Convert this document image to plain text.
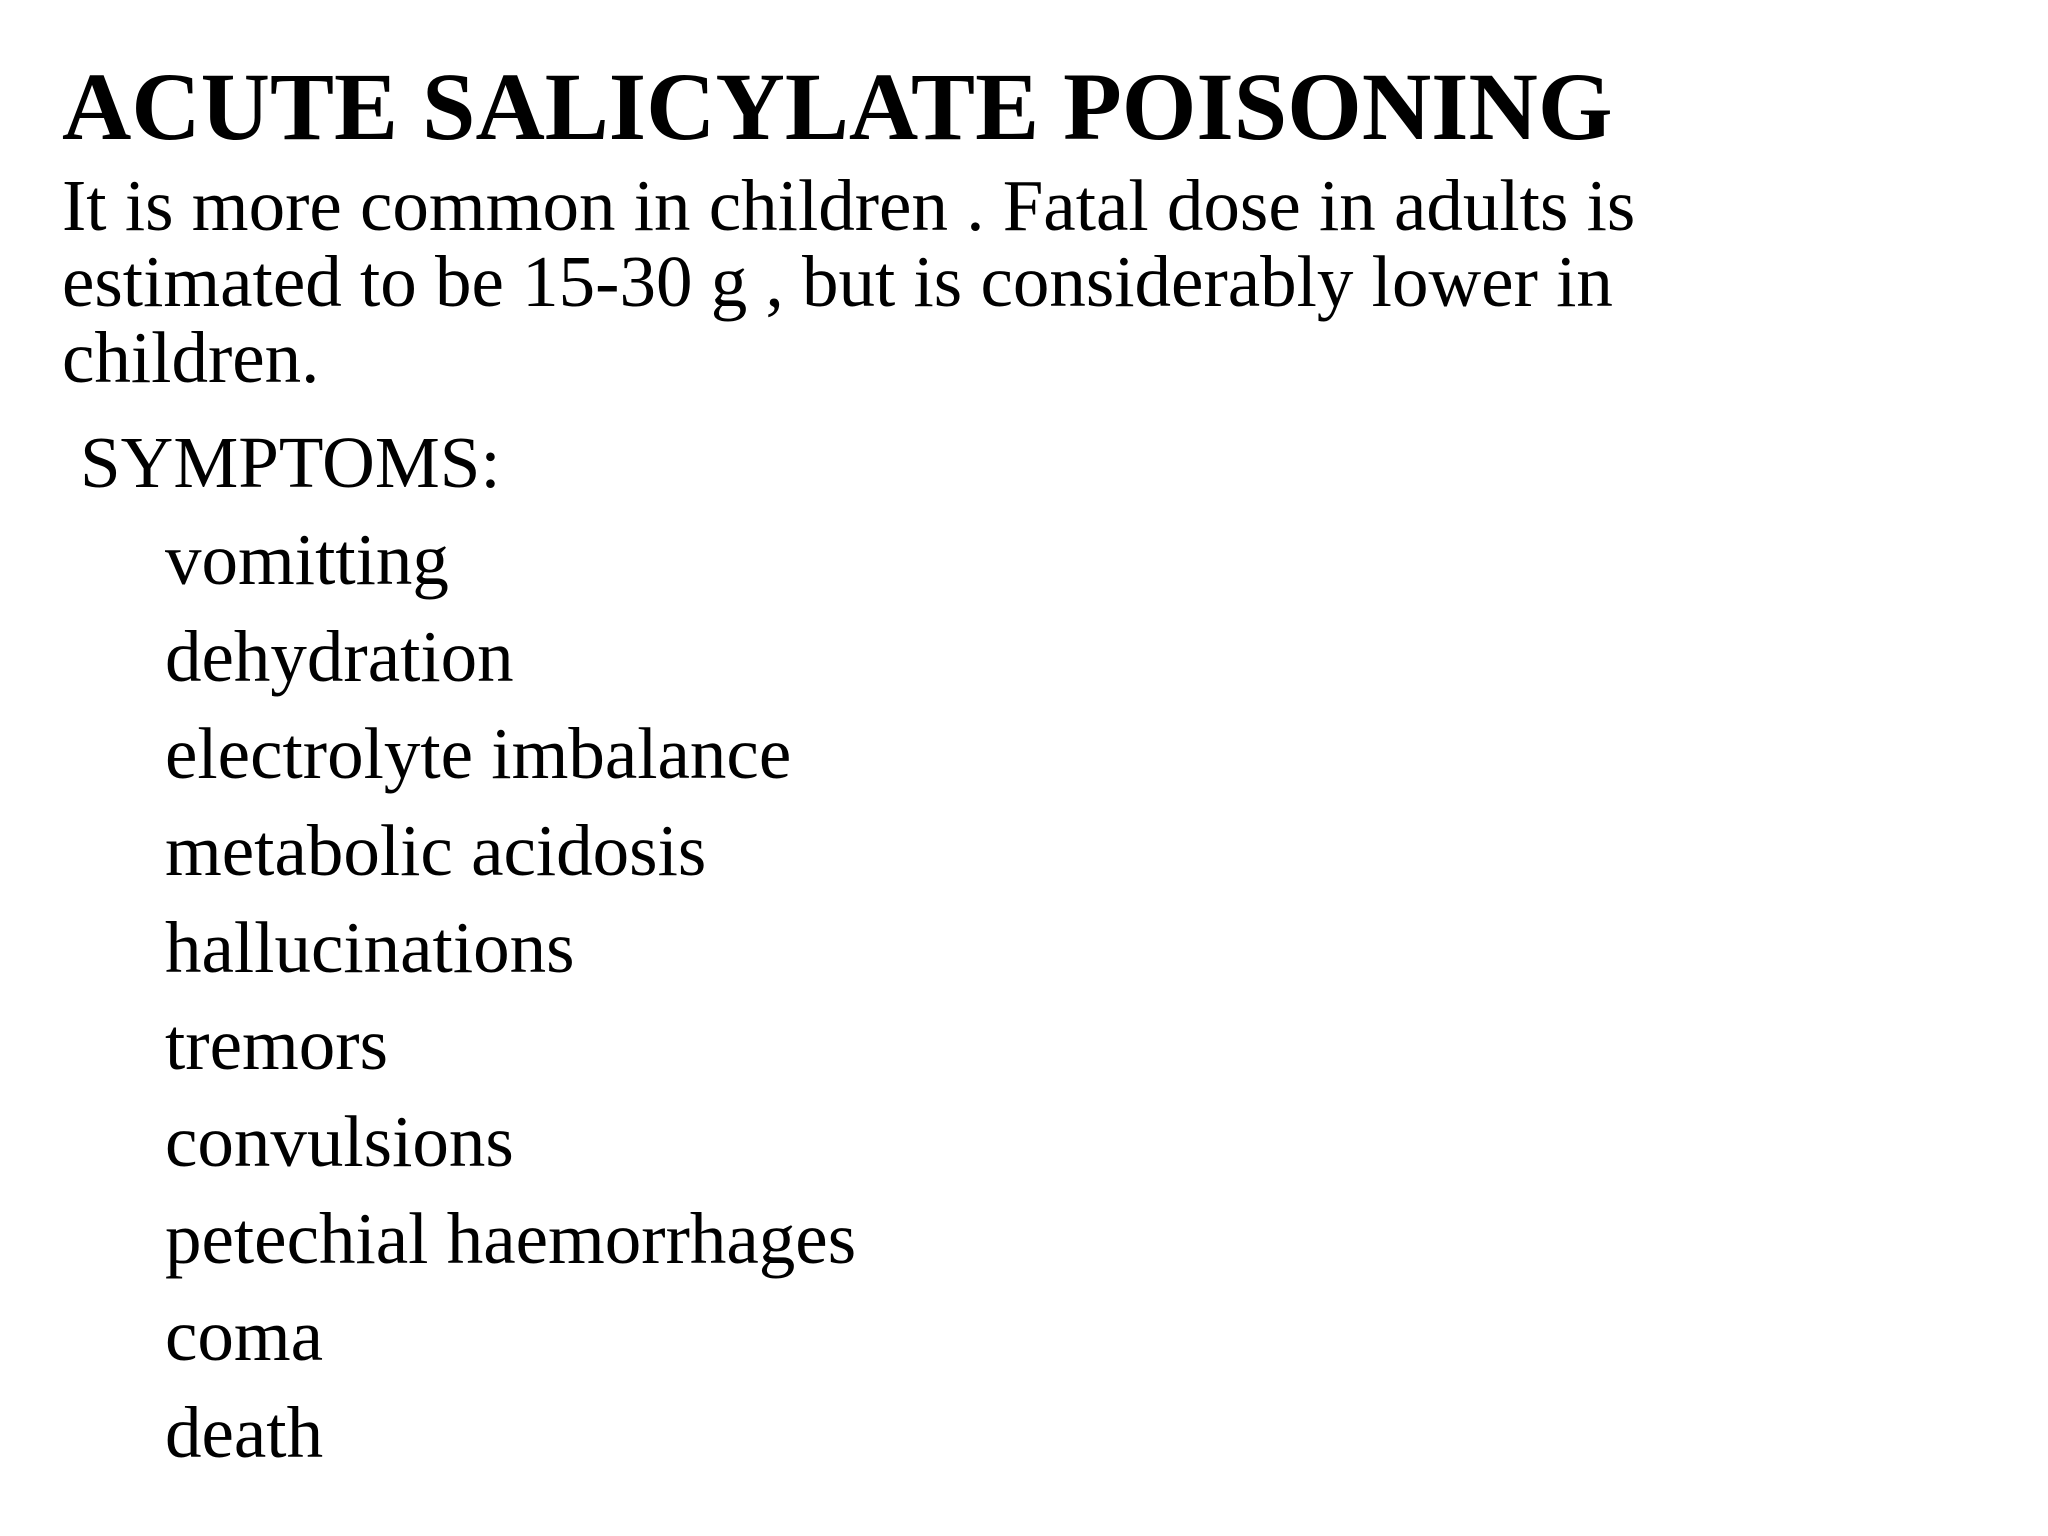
ACUTE SALICYLATE POISONING

It is more common in children . Fatal dose in adults is
estimated to be 15-30 g , but is considerably lower in
children.

SYMPTOMS:

vomitting
dehydration
electrolyte imbalance
metabolic acidosis
hallucinations
tremors
convulsions
petechial haemorrhages
coma
death
